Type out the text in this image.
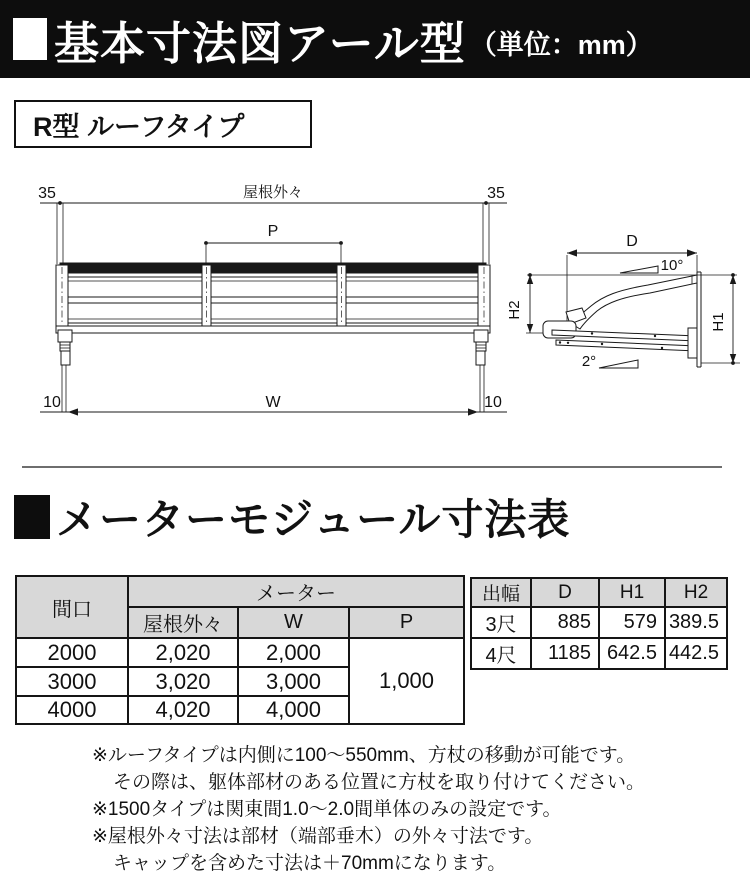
基本寸法図アール型 （単位：mm）
R型 ルーフタイプ
35	35
屋根外々
P
W
10	10
D
10°
2°
H2
H1
メーターモジュール寸法表
間口	メーター		
	屋根外々	W	P
2000	2,020	2,000	1,000
3000	3,020	3,000	
4000	4,020	4,000	
出幅	D	H1	H2
3尺	885	579	389.5
4尺	1185	642.5	442.5
※ルーフタイプは内側に100～550mm、方杖の移動が可能です。
その際は、躯体部材のある位置に方杖を取り付けてください。
※1500タイプは関東間1.0～2.0間単体のみの設定です。
※屋根外々寸法は部材（端部垂木）の外々寸法です。
キャップを含めた寸法は＋70mmになります。
